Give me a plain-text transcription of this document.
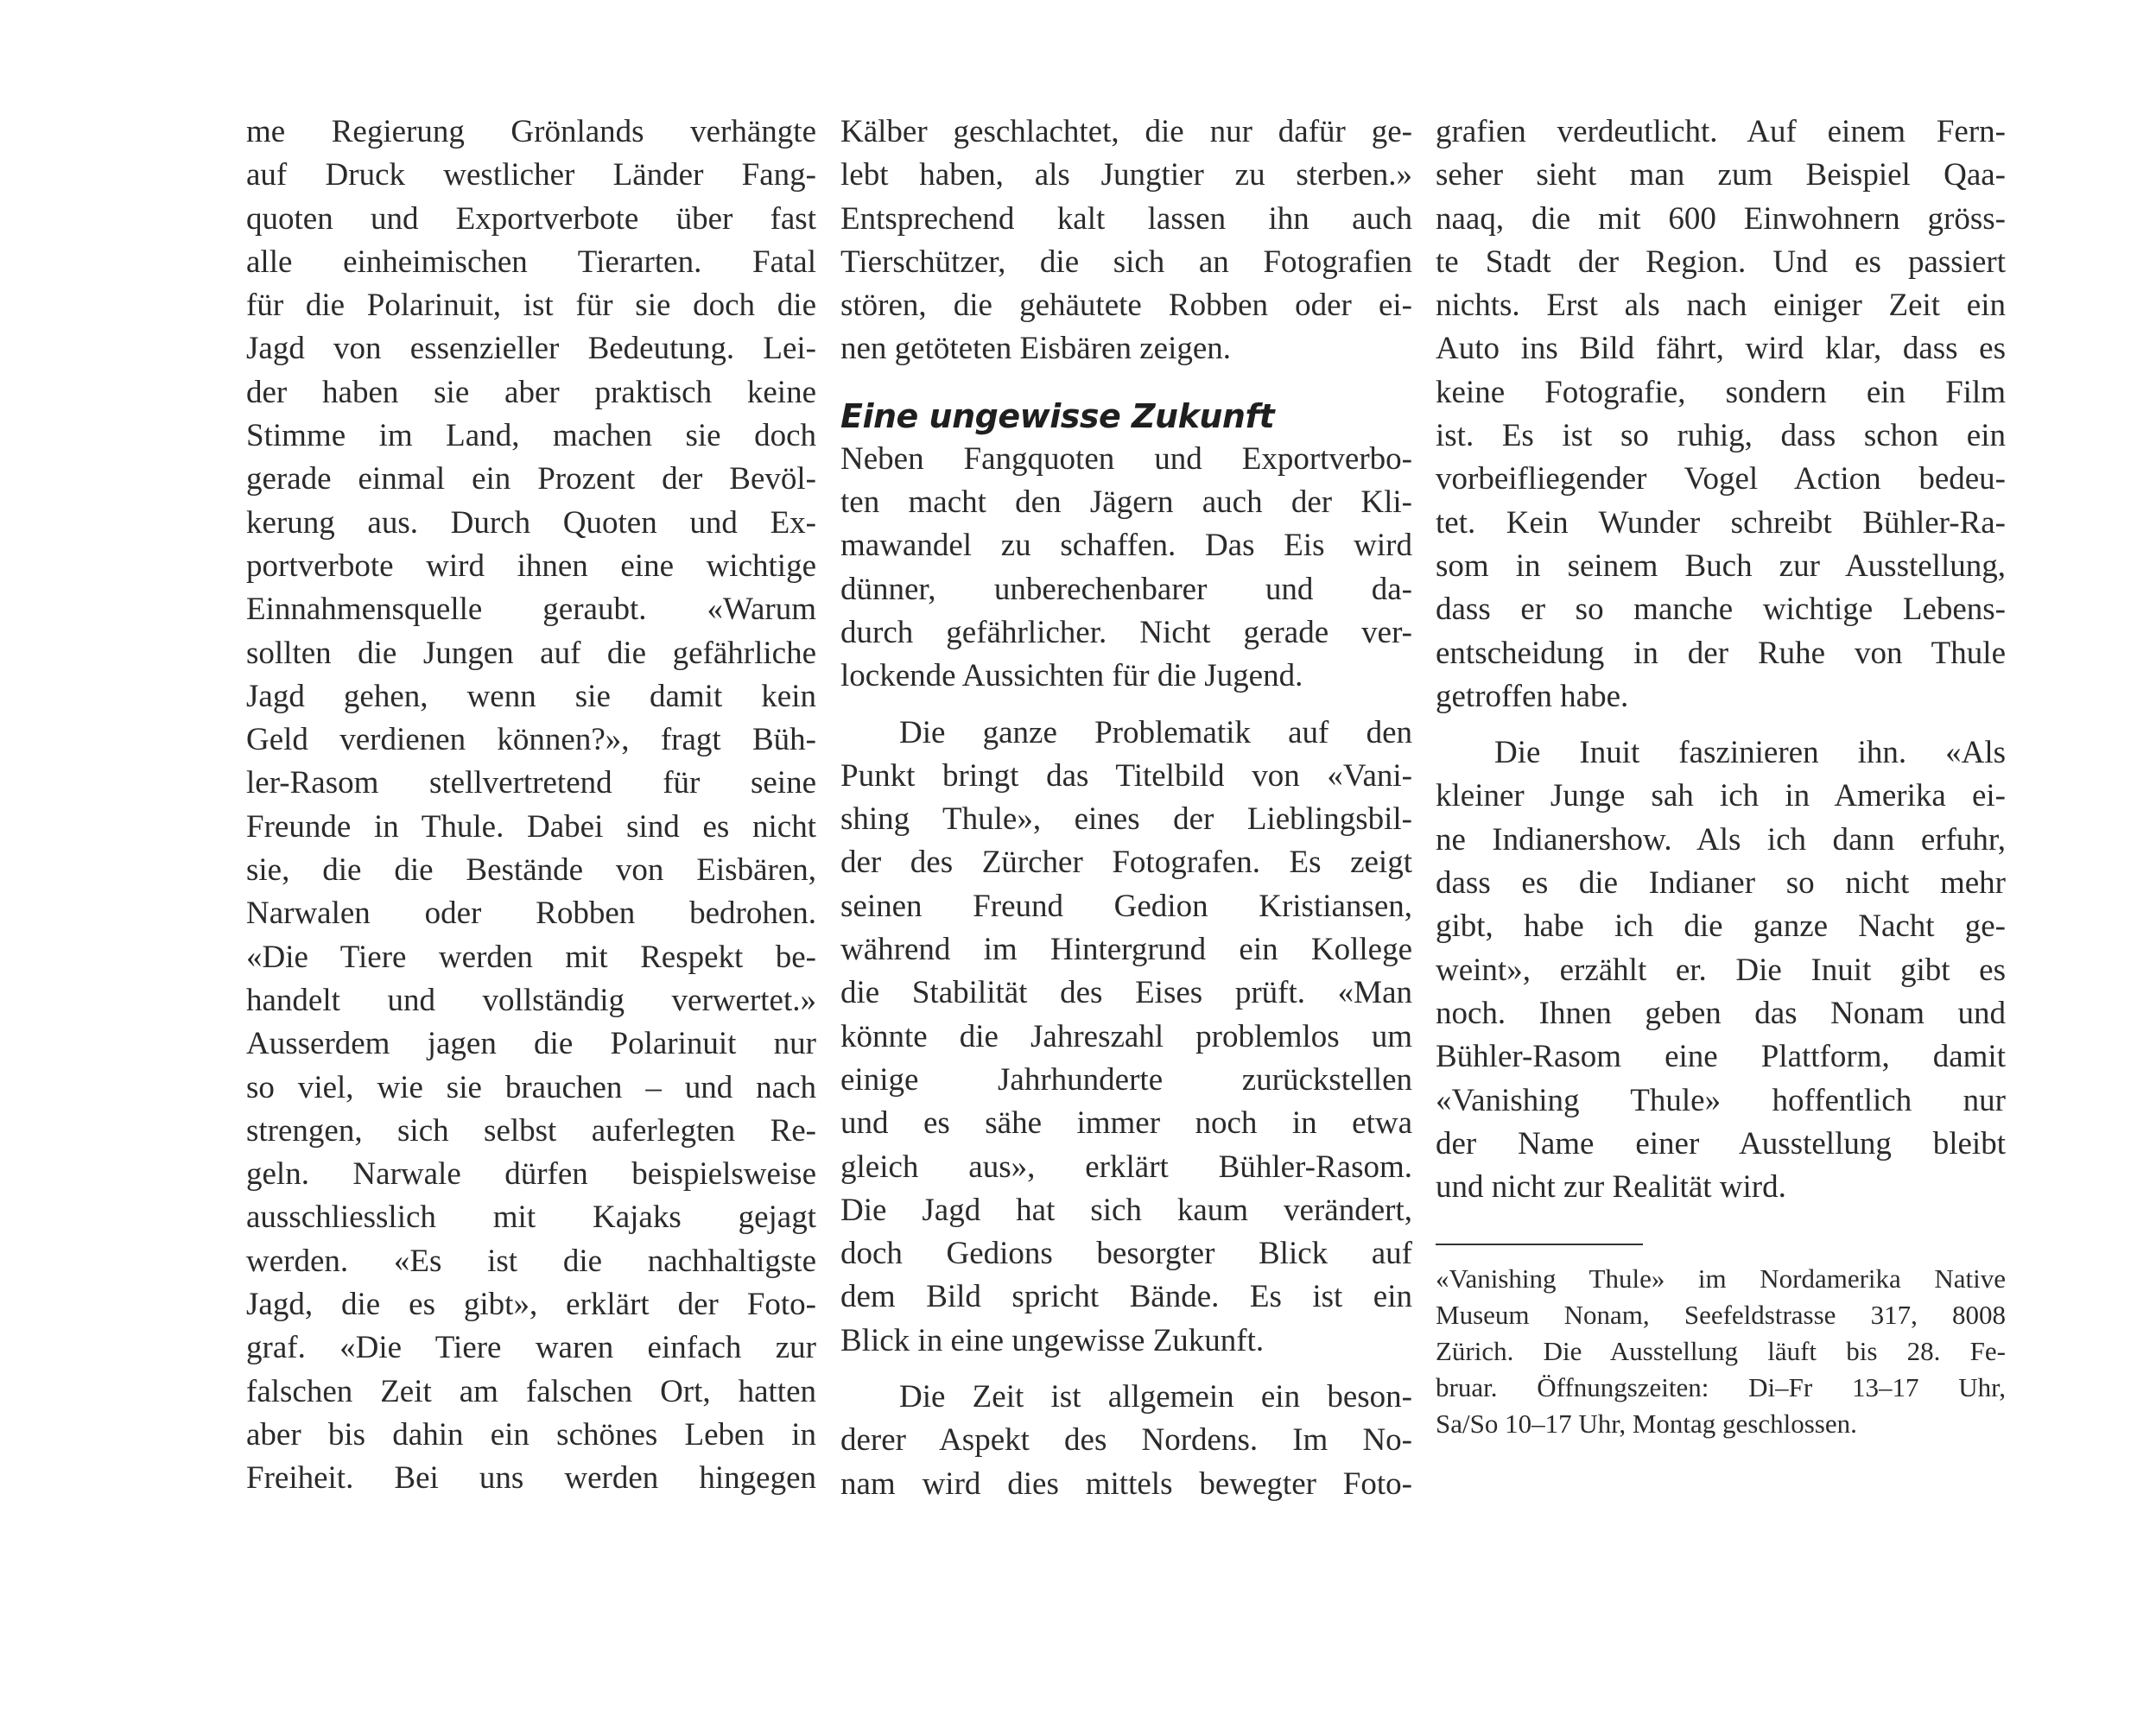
me Regierung Grönlands verhängte
auf Druck westlicher Länder Fang-
quoten und Exportverbote über fast
alle einheimischen Tierarten. Fatal
für die Polarinuit, ist für sie doch die
Jagd von essenzieller Bedeutung. Lei-
der haben sie aber praktisch keine
Stimme im Land, machen sie doch
gerade einmal ein Prozent der Bevöl-
kerung aus. Durch Quoten und Ex-
portverbote wird ihnen eine wichtige
Einnahmensquelle geraubt. «Warum
sollten die Jungen auf die gefährliche
Jagd gehen, wenn sie damit kein
Geld verdienen können?», fragt Büh-
ler-Rasom stellvertretend für seine
Freunde in Thule. Dabei sind es nicht
sie, die die Bestände von Eisbären,
Narwalen oder Robben bedrohen.
«Die Tiere werden mit Respekt be-
handelt und vollständig verwertet.»
Ausserdem jagen die Polarinuit nur
so viel, wie sie brauchen – und nach
strengen, sich selbst auferlegten Re-
geln. Narwale dürfen beispielsweise
ausschliesslich mit Kajaks gejagt
werden. «Es ist die nachhaltigste
Jagd, die es gibt», erklärt der Foto-
graf. «Die Tiere waren einfach zur
falschen Zeit am falschen Ort, hatten
aber bis dahin ein schönes Leben in
Freiheit. Bei uns werden hingegen
Kälber geschlachtet, die nur dafür ge-
lebt haben, als Jungtier zu sterben.»
Entsprechend kalt lassen ihn auch
Tierschützer, die sich an Fotografien
stören, die gehäutete Robben oder ei-
nen getöteten Eisbären zeigen.
Eine ungewisse Zukunft
Neben Fangquoten und Exportverbo-
ten macht den Jägern auch der Kli-
mawandel zu schaffen. Das Eis wird
dünner, unberechenbarer und da-
durch gefährlicher. Nicht gerade ver-
lockende Aussichten für die Jugend.
Die ganze Problematik auf den
Punkt bringt das Titelbild von «Vani-
shing Thule», eines der Lieblingsbil-
der des Zürcher Fotografen. Es zeigt
seinen Freund Gedion Kristiansen,
während im Hintergrund ein Kollege
die Stabilität des Eises prüft. «Man
könnte die Jahreszahl problemlos um
einige Jahrhunderte zurückstellen
und es sähe immer noch in etwa
gleich aus», erklärt Bühler-Rasom.
Die Jagd hat sich kaum verändert,
doch Gedions besorgter Blick auf
dem Bild spricht Bände. Es ist ein
Blick in eine ungewisse Zukunft.
Die Zeit ist allgemein ein beson-
derer Aspekt des Nordens. Im No-
nam wird dies mittels bewegter Foto-
grafien verdeutlicht. Auf einem Fern-
seher sieht man zum Beispiel Qaa-
naaq, die mit 600 Einwohnern gröss-
te Stadt der Region. Und es passiert
nichts. Erst als nach einiger Zeit ein
Auto ins Bild fährt, wird klar, dass es
keine Fotografie, sondern ein Film
ist. Es ist so ruhig, dass schon ein
vorbeifliegender Vogel Action bedeu-
tet. Kein Wunder schreibt Bühler-Ra-
som in seinem Buch zur Ausstellung,
dass er so manche wichtige Lebens-
entscheidung in der Ruhe von Thule
getroffen habe.
Die Inuit faszinieren ihn. «Als
kleiner Junge sah ich in Amerika ei-
ne Indianershow. Als ich dann erfuhr,
dass es die Indianer so nicht mehr
gibt, habe ich die ganze Nacht ge-
weint», erzählt er. Die Inuit gibt es
noch. Ihnen geben das Nonam und
Bühler-Rasom eine Plattform, damit
«Vanishing Thule» hoffentlich nur
der Name einer Ausstellung bleibt
und nicht zur Realität wird.
«Vanishing Thule» im Nordamerika Native
Museum Nonam, Seefeldstrasse 317, 8008
Zürich. Die Ausstellung läuft bis 28. Fe-
bruar. Öffnungszeiten: Di–Fr 13–17 Uhr,
Sa/So 10–17 Uhr, Montag geschlossen.
